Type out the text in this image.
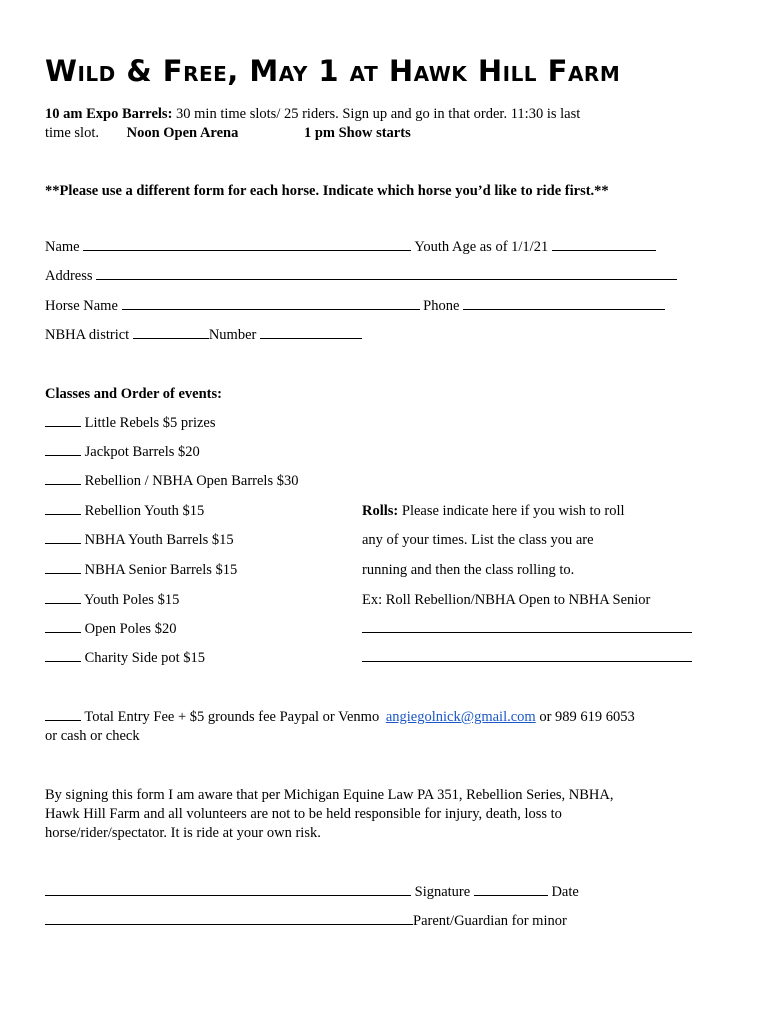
Wild & Free, May 1 at Hawk Hill Farm
10 am Expo Barrels: 30 min time slots/ 25 riders. Sign up and go in that order. 11:30 is last
time slot. Noon Open Arena	1 pm Show starts
**Please use a different form for each horse. Indicate which horse you’d like to ride first.**
Name	Youth Age as of 1/1/21
Address
Horse Name	Phone
NBHA district	Number
Classes and Order of events:
Little Rebels $5 prizes
Jackpot Barrels $20
Rebellion / NBHA Open Barrels $30
Rebellion Youth $15
NBHA Youth Barrels $15
NBHA Senior Barrels $15
Youth Poles $15
Open Poles $20
Charity Side pot $15
Rolls: Please indicate here if you wish to roll
any of your times. List the class you are
running and then the class rolling to.
Ex: Roll Rebellion/NBHA Open to NBHA Senior
Total Entry Fee + $5 grounds fee Paypal or Venmo angiegolnick@gmail.com or 989 619 6053
or cash or check
By signing this form I am aware that per Michigan Equine Law PA 351, Rebellion Series, NBHA,
Hawk Hill Farm and all volunteers are not to be held responsible for injury, death, loss to
horse/rider/spectator. It is ride at your own risk.
Signature	Date
Parent/Guardian for minor
